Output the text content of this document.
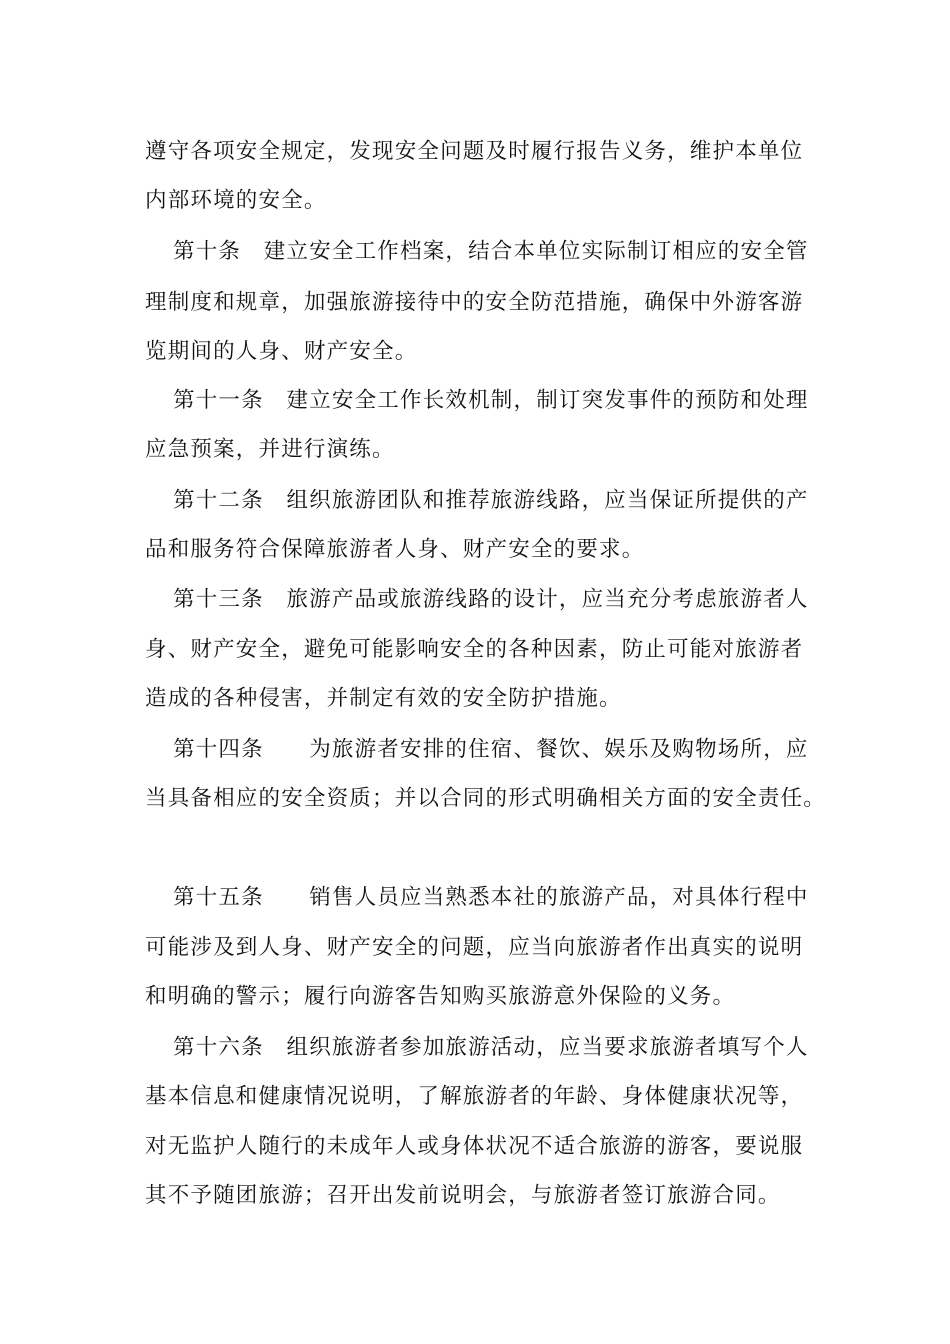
遵守各项安全规定，发现安全问题及时履行报告义务，维护本单位
内部环境的安全。
第十条　建立安全工作档案，结合本单位实际制订相应的安全管
理制度和规章，加强旅游接待中的安全防范措施，确保中外游客游
览期间的人身、财产安全。
第十一条　建立安全工作长效机制，制订突发事件的预防和处理
应急预案，并进行演练。
第十二条　组织旅游团队和推荐旅游线路，应当保证所提供的产
品和服务符合保障旅游者人身、财产安全的要求。
第十三条　旅游产品或旅游线路的设计，应当充分考虑旅游者人
身、财产安全，避免可能影响安全的各种因素，防止可能对旅游者
造成的各种侵害，并制定有效的安全防护措施。
第十四条　　为旅游者安排的住宿、餐饮、娱乐及购物场所，应
当具备相应的安全资质；并以合同的形式明确相关方面的安全责任。
第十五条　　销售人员应当熟悉本社的旅游产品，对具体行程中
可能涉及到人身、财产安全的问题，应当向旅游者作出真实的说明
和明确的警示；履行向游客告知购买旅游意外保险的义务。
第十六条　组织旅游者参加旅游活动，应当要求旅游者填写个人
基本信息和健康情况说明，了解旅游者的年龄、身体健康状况等，
对无监护人随行的未成年人或身体状况不适合旅游的游客，要说服
其不予随团旅游；召开出发前说明会，与旅游者签订旅游合同。
